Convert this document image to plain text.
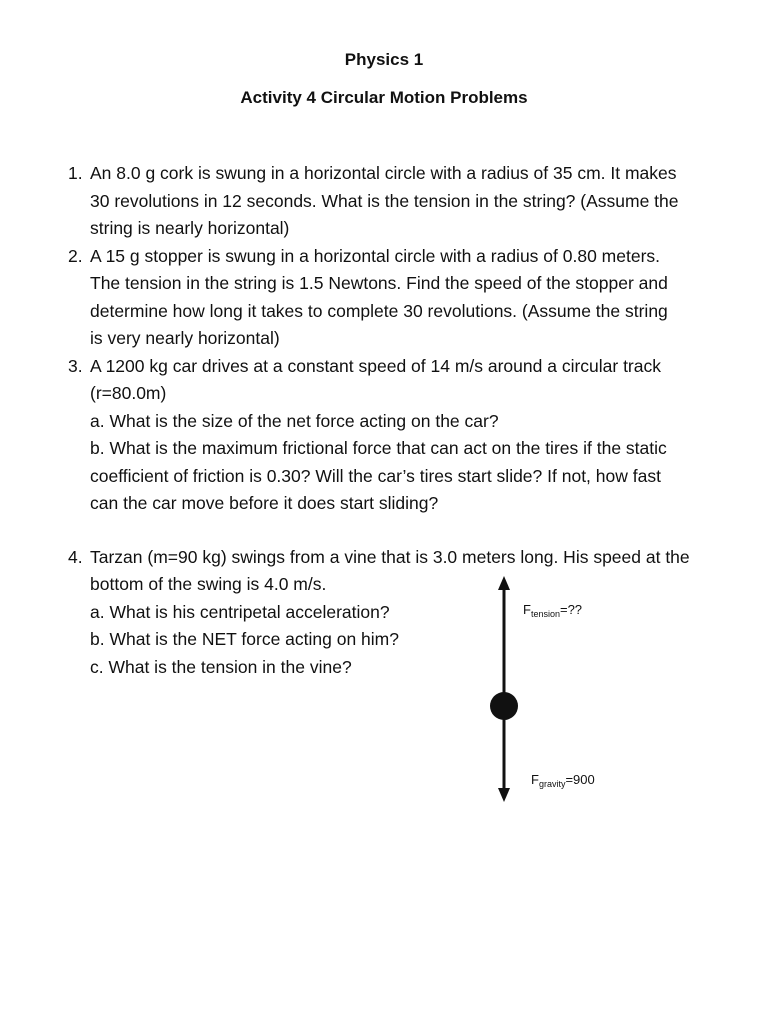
Physics 1
Activity 4 Circular Motion Problems
1. An 8.0 g cork is swung in a horizontal circle with a radius of 35 cm. It makes
30 revolutions in 12 seconds. What is the tension in the string? (Assume the
string is nearly horizontal)
2. A 15 g stopper is swung in a horizontal circle with a radius of 0.80 meters.
The tension in the string is 1.5 Newtons. Find the speed of the stopper and
determine how long it takes to complete 30 revolutions. (Assume the string
is very nearly horizontal)
3. A 1200 kg car drives at a constant speed of 14 m/s around a circular track
(r=80.0m)
a. What is the size of the net force acting on the car?
b. What is the maximum frictional force that can act on the tires if the static
coefficient of friction is 0.30? Will the car’s tires start slide? If not, how fast
can the car move before it does start sliding?
4. Tarzan (m=90 kg) swings from a vine that is 3.0 meters long. His speed at the
bottom of the swing is 4.0 m/s.
a. What is his centripetal acceleration?
b. What is the NET force acting on him?
c. What is the tension in the vine?
$F_{tension}=$??
$F_{gravity}=900$
